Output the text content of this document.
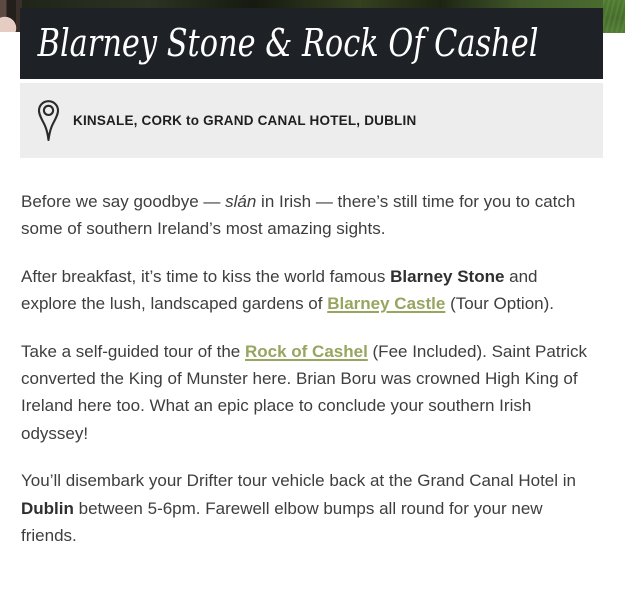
Blarney Stone & Rock Of Cashel
KINSALE, CORK to GRAND CANAL HOTEL, DUBLIN

Before we say goodbye — slán in Irish — there’s still time for you to catch some of southern Ireland’s most amazing sights.

After breakfast, it’s time to kiss the world famous Blarney Stone and explore the lush, landscaped gardens of Blarney Castle (Tour Option).

Take a self-guided tour of the Rock of Cashel (Fee Included). Saint Patrick converted the King of Munster here. Brian Boru was crowned High King of Ireland here too. What an epic place to conclude your southern Irish odyssey!

You’ll disembark your Drifter tour vehicle back at the Grand Canal Hotel in Dublin between 5-6pm. Farewell elbow bumps all round for your new friends.
